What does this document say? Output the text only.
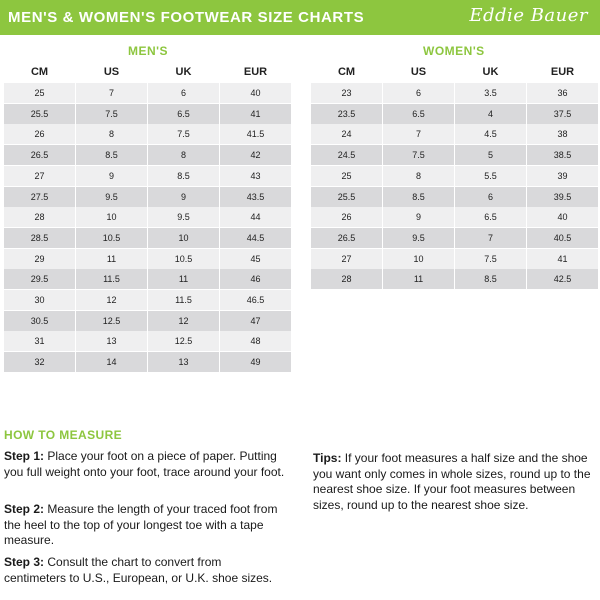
MEN'S & WOMEN'S FOOTWEAR SIZE CHARTS	Eddie Bauer
MEN'S
CM	US	UK	EUR
25	7	6	40
25.5	7.5	6.5	41
26	8	7.5	41.5
26.5	8.5	8	42
27	9	8.5	43
27.5	9.5	9	43.5
28	10	9.5	44
28.5	10.5	10	44.5
29	11	10.5	45
29.5	11.5	11	46
30	12	11.5	46.5
30.5	12.5	12	47
31	13	12.5	48
32	14	13	49
WOMEN'S
CM	US	UK	EUR
23	6	3.5	36
23.5	6.5	4	37.5
24	7	4.5	38
24.5	7.5	5	38.5
25	8	5.5	39
25.5	8.5	6	39.5
26	9	6.5	40
26.5	9.5	7	40.5
27	10	7.5	41
28	11	8.5	42.5
HOW TO MEASURE
Step 1: Place your foot on a piece of paper. Putting you full weight onto your foot, trace around your foot.
Step 2: Measure the length of your traced foot from the heel to the top of your longest toe with a tape measure.
Step 3: Consult the chart to convert from centimeters to U.S., European, or U.K. shoe sizes.
Tips: If your foot measures a half size and the shoe you want only comes in whole sizes, round up to the nearest shoe size. If your foot measures between sizes, round up to the nearest shoe size.
